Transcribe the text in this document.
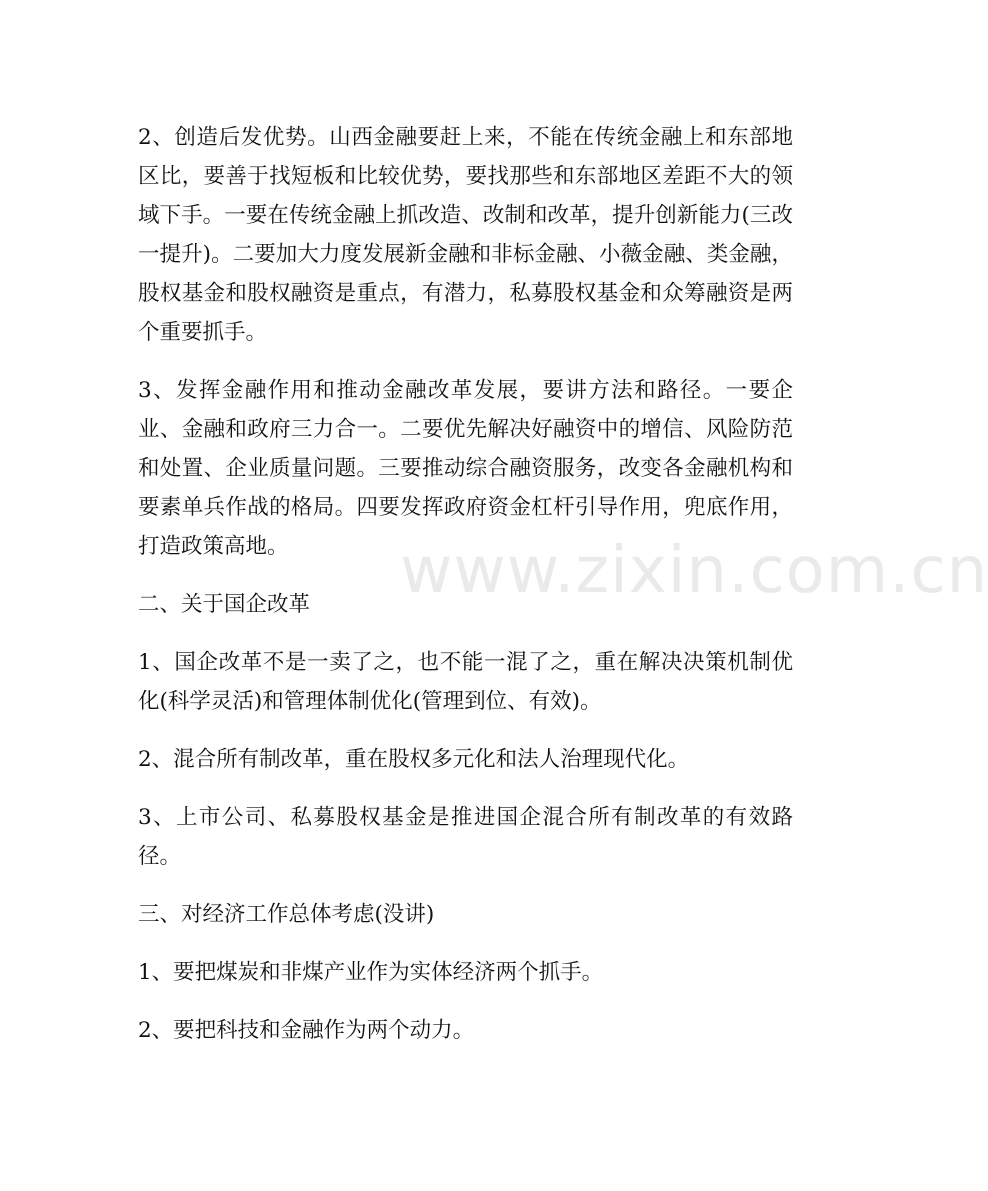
2、创造后发优势。山西金融要赶上来，不能在传统金融上和东部地区比，要善于找短板和比较优势，要找那些和东部地区差距不大的领域下手。一要在传统金融上抓改造、改制和改革，提升创新能力(三改一提升)。二要加大力度发展新金融和非标金融、小薇金融、类金融，股权基金和股权融资是重点，有潜力，私募股权基金和众筹融资是两个重要抓手。

3、发挥金融作用和推动金融改革发展，要讲方法和路径。一要企业、金融和政府三力合一。二要优先解决好融资中的增信、风险防范和处置、企业质量问题。三要推动综合融资服务，改变各金融机构和要素单兵作战的格局。四要发挥政府资金杠杆引导作用，兜底作用，打造政策高地。

二、关于国企改革

1、国企改革不是一卖了之，也不能一混了之，重在解决决策机制优化(科学灵活)和管理体制优化(管理到位、有效)。

2、混合所有制改革，重在股权多元化和法人治理现代化。

3、上市公司、私募股权基金是推进国企混合所有制改革的有效路径。

三、对经济工作总体考虑(没讲)

1、要把煤炭和非煤产业作为实体经济两个抓手。

2、要把科技和金融作为两个动力。

www.zixin.com.cn
